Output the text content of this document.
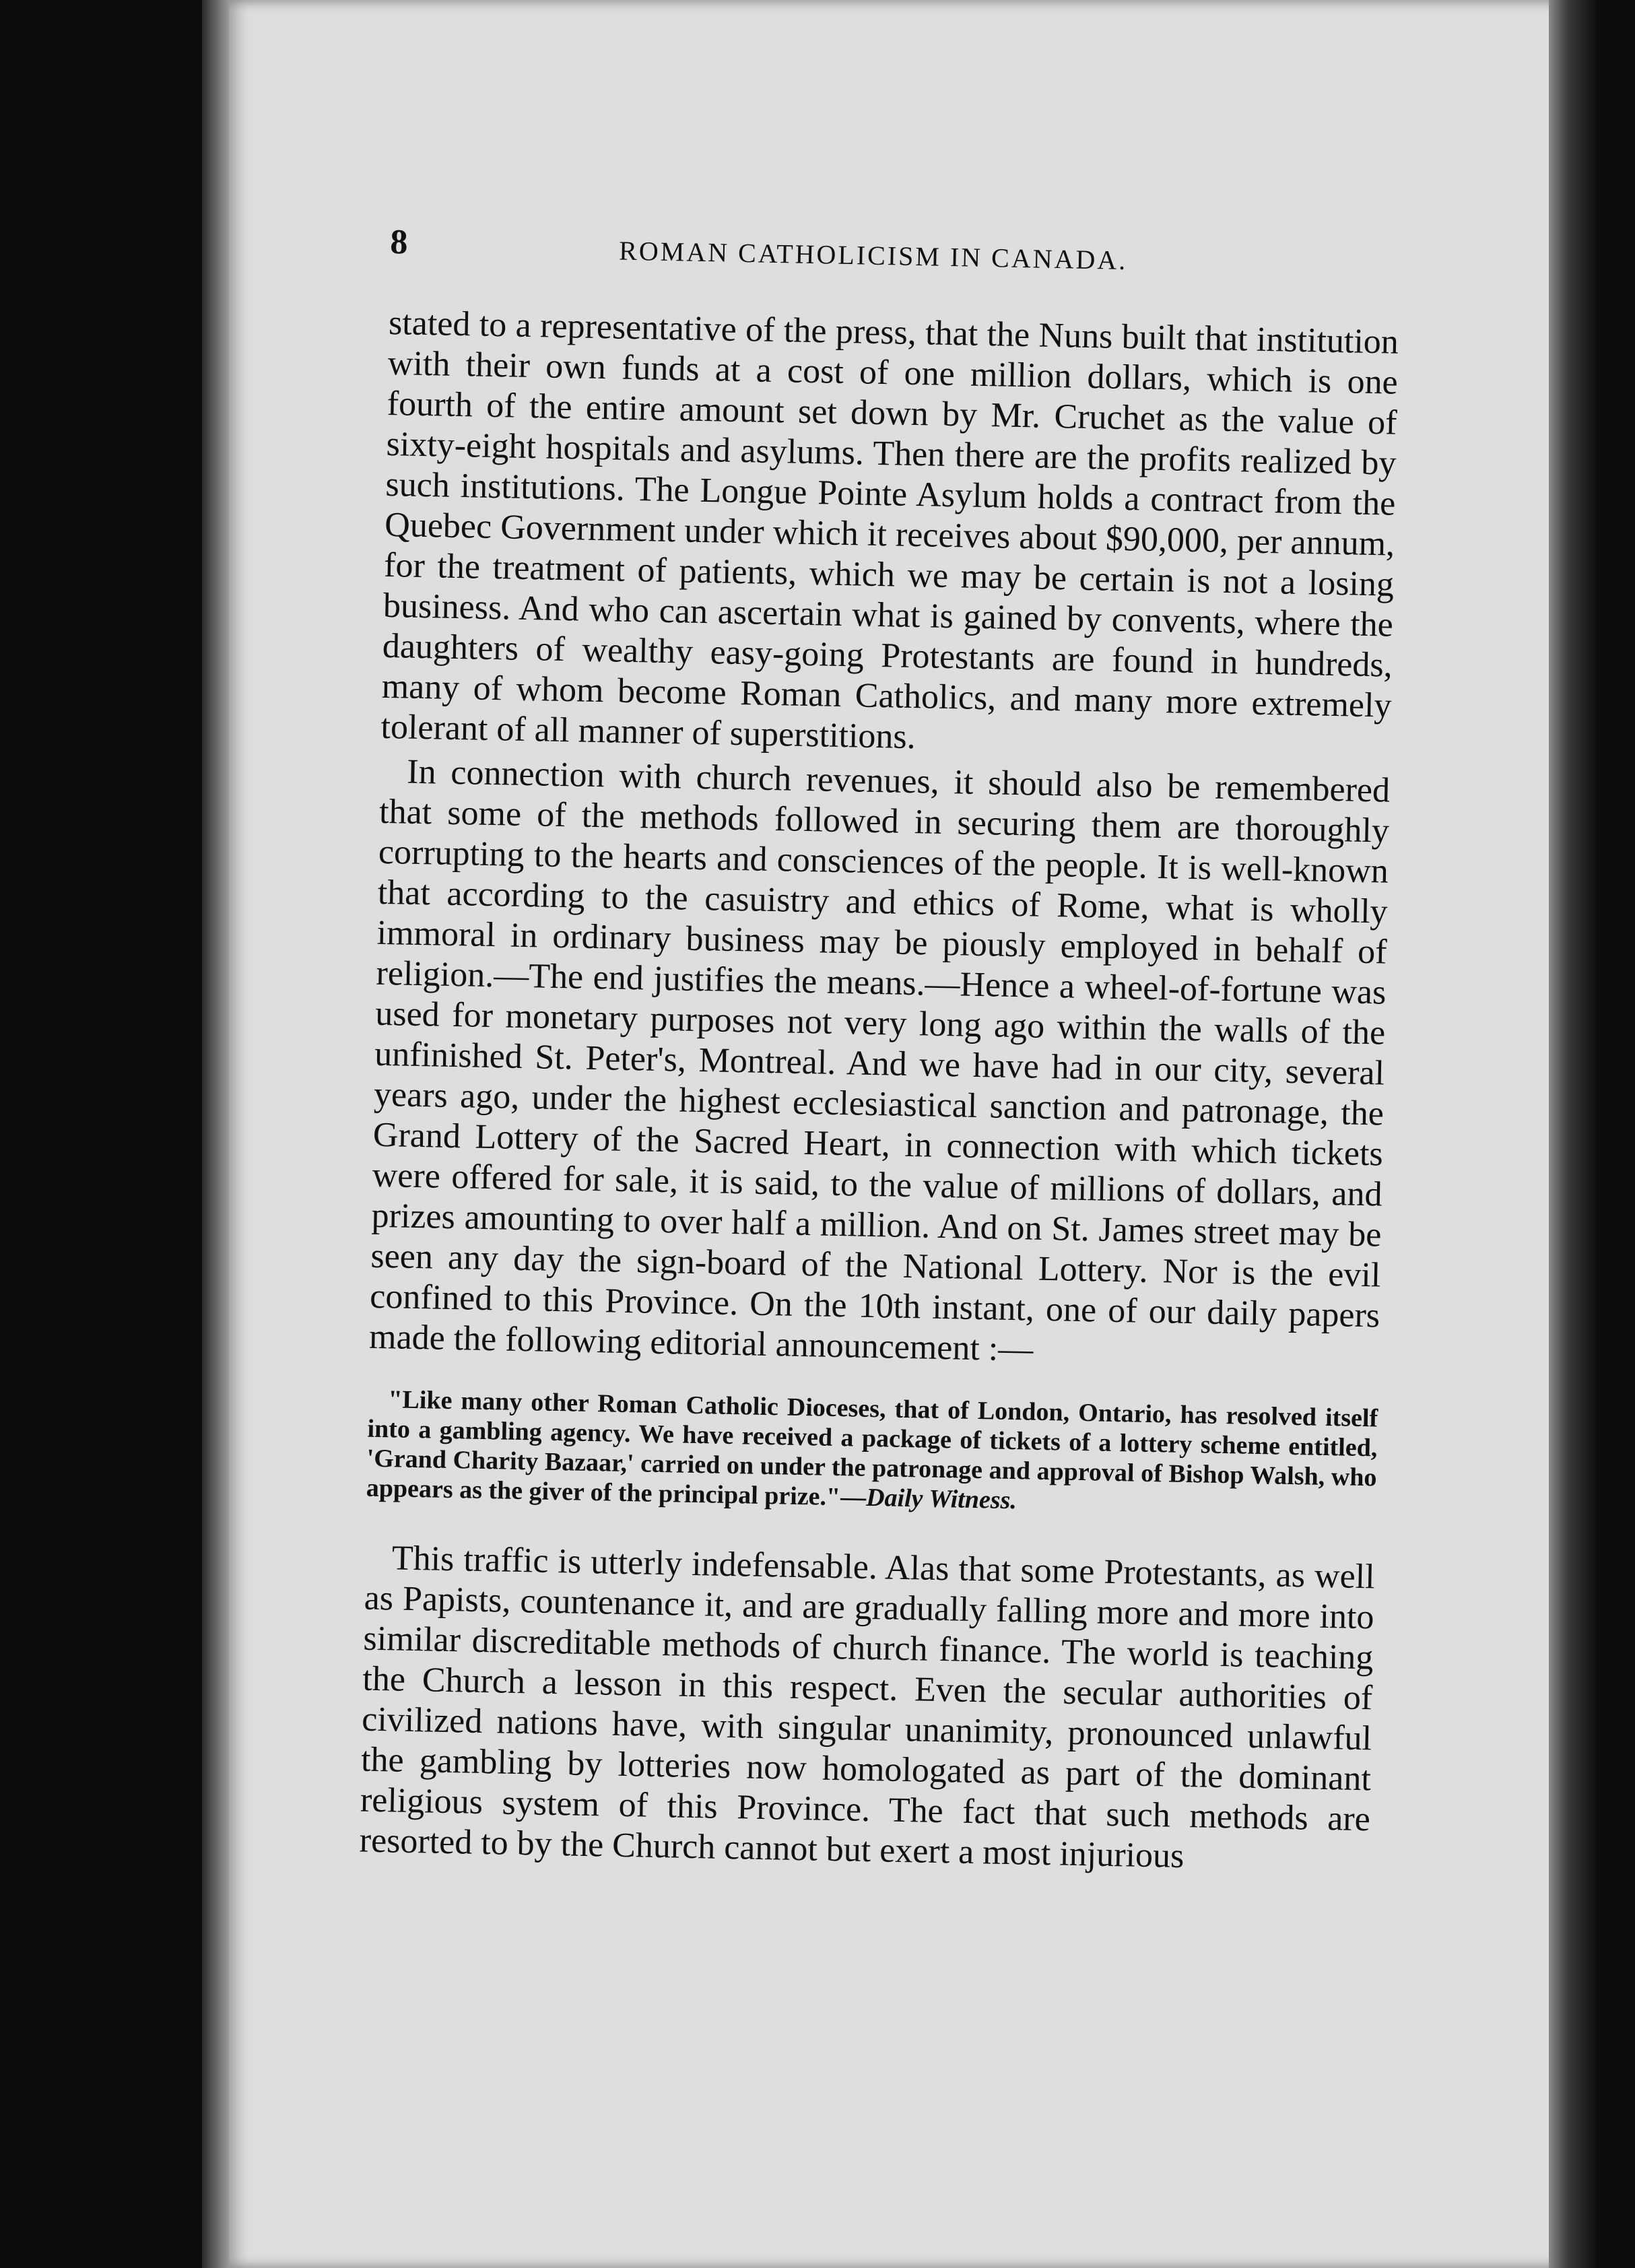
8	ROMAN CATHOLICISM IN CANADA.

stated to a representative of the press, that the Nuns built that institution with their own funds at a cost of one million dollars, which is one fourth of the entire amount set down by Mr. Cruchet as the value of sixty-eight hospitals and asylums. Then there are the profits realized by such institutions. The Longue Pointe Asylum holds a contract from the Quebec Government under which it receives about $90,000, per annum, for the treatment of patients, which we may be certain is not a losing business. And who can ascertain what is gained by convents, where the daughters of wealthy easy-going Protestants are found in hundreds, many of whom become Roman Catholics, and many more extremely tolerant of all manner of superstitions.

In connection with church revenues, it should also be remembered that some of the methods followed in securing them are thoroughly corrupting to the hearts and consciences of the people. It is well-known that according to the casuistry and ethics of Rome, what is wholly immoral in ordinary business may be piously employed in behalf of religion.—The end justifies the means.—Hence a wheel-of-fortune was used for monetary purposes not very long ago within the walls of the unfinished St. Peter's, Montreal. And we have had in our city, several years ago, under the highest ecclesiastical sanction and patronage, the Grand Lottery of the Sacred Heart, in connection with which tickets were offered for sale, it is said, to the value of millions of dollars, and prizes amounting to over half a million. And on St. James street may be seen any day the sign-board of the National Lottery. Nor is the evil confined to this Province. On the 10th instant, one of our daily papers made the following editorial announcement :—

"Like many other Roman Catholic Dioceses, that of London, Ontario, has resolved itself into a gambling agency. We have received a package of tickets of a lottery scheme entitled, 'Grand Charity Bazaar,' carried on under the patronage and approval of Bishop Walsh, who appears as the giver of the principal prize."—Daily Witness.

This traffic is utterly indefensable. Alas that some Protestants, as well as Papists, countenance it, and are gradually falling more and more into similar discreditable methods of church finance. The world is teaching the Church a lesson in this respect. Even the secular authorities of civilized nations have, with singular unanimity, pronounced unlawful the gambling by lotteries now homologated as part of the dominant religious system of this Province. The fact that such methods are resorted to by the Church cannot but exert a most injurious
